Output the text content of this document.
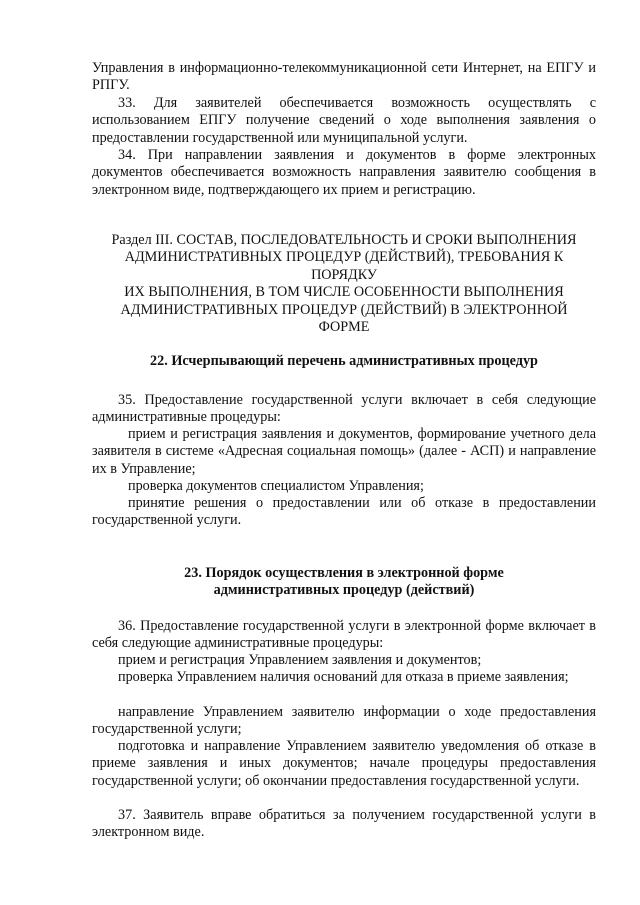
Управления в информационно-телекоммуникационной сети Интернет, на ЕПГУ и РПГУ.

33. Для заявителей обеспечивается возможность осуществлять с использованием ЕПГУ получение сведений о ходе выполнения заявления о предоставлении государственной или муниципальной услуги.

34. При направлении заявления и документов в форме электронных документов обеспечивается возможность направления заявителю сообщения в электронном виде, подтверждающего их прием и регистрацию.

Раздел III. СОСТАВ, ПОСЛЕДОВАТЕЛЬНОСТЬ И СРОКИ ВЫПОЛНЕНИЯ
АДМИНИСТРАТИВНЫХ ПРОЦЕДУР (ДЕЙСТВИЙ), ТРЕБОВАНИЯ К
ПОРЯДКУ
ИХ ВЫПОЛНЕНИЯ, В ТОМ ЧИСЛЕ ОСОБЕННОСТИ ВЫПОЛНЕНИЯ
АДМИНИСТРАТИВНЫХ ПРОЦЕДУР (ДЕЙСТВИЙ) В ЭЛЕКТРОННОЙ
ФОРМЕ

22. Исчерпывающий перечень административных процедур

35. Предоставление государственной услуги включает в себя следующие административные процедуры:

прием и регистрация заявления и документов, формирование учетного дела заявителя в системе «Адресная социальная помощь» (далее - АСП) и направление их в Управление;

проверка документов специалистом Управления;

принятие решения о предоставлении или об отказе в предоставлении государственной услуги.

23. Порядок осуществления в электронной форме
административных процедур (действий)

36. Предоставление государственной услуги в электронной форме включает в себя следующие административные процедуры:

прием и регистрация Управлением заявления и документов;

проверка Управлением наличия оснований для отказа в приеме заявления;

направление Управлением заявителю информации о ходе предоставления государственной услуги;

подготовка и направление Управлением заявителю уведомления об отказе в приеме заявления и иных документов; начале процедуры предоставления государственной услуги; об окончании предоставления государственной услуги.

37. Заявитель вправе обратиться за получением государственной услуги в электронном виде.
